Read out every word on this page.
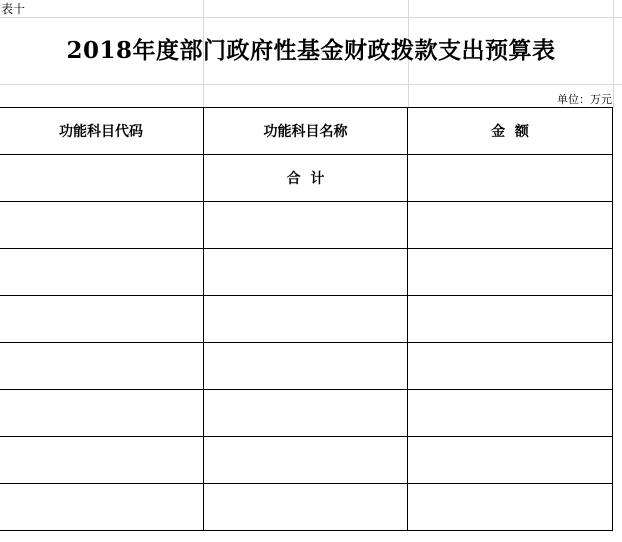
表十
2018年度部门政府性基金财政拨款支出预算表
单位：万元
功能科目代码	功能科目名称	金  额
	合  计	
